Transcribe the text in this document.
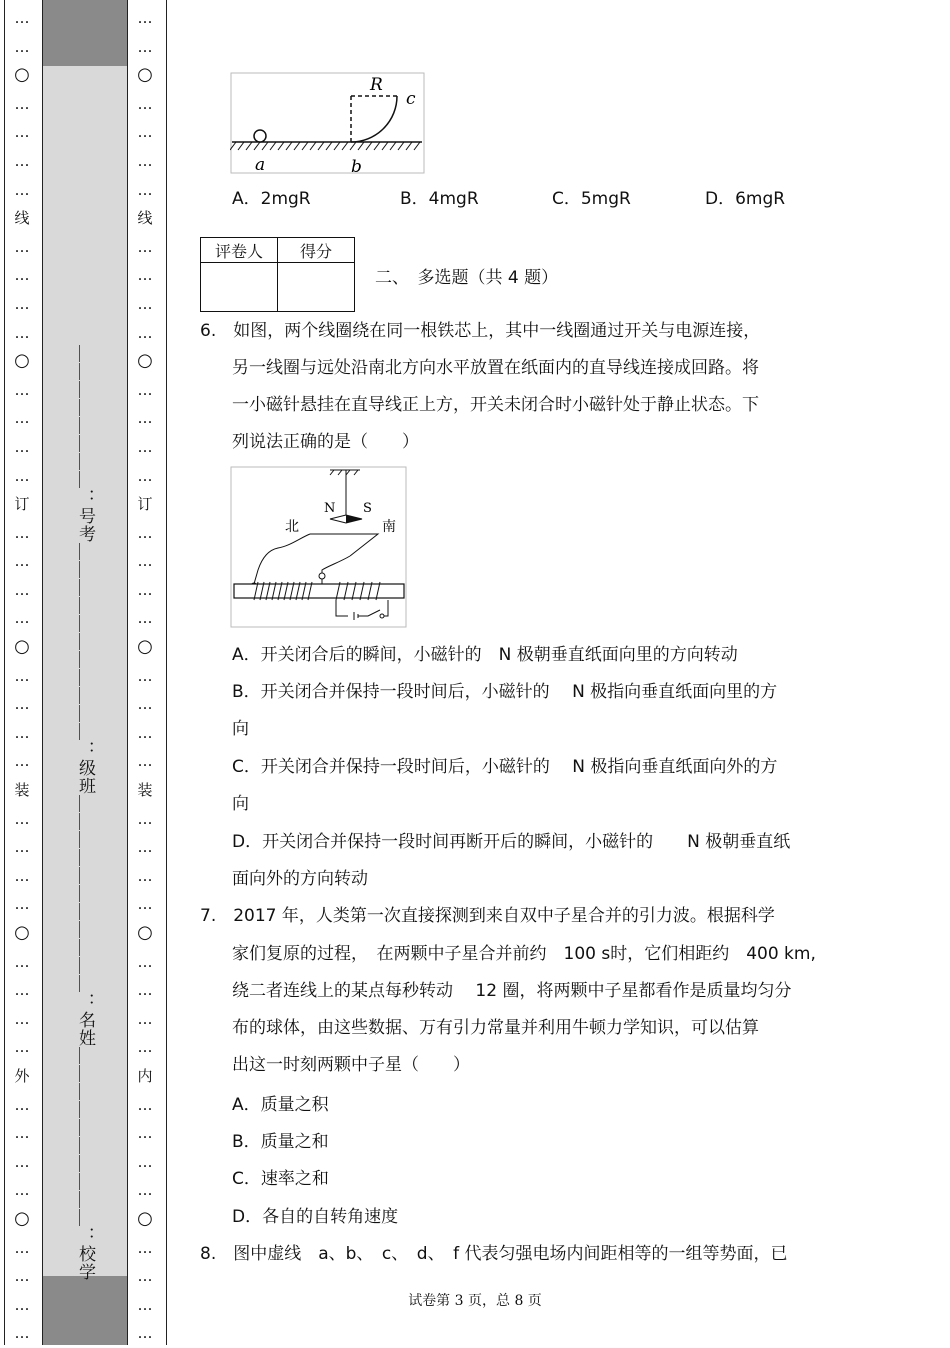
…
…
○
…
…
…
…
线
…
…
…
…
○
…
…
…
…
订
…
…
…
…
○
…
…
…
…
装
…
…
…
…
○
…
…
…
…
外
…
…
…
…
○
…
…
…
…
…
…
○
…
…
…
…
线
…
…
…
…
○
…
…
…
…
订
…
…
…
…
○
…
…
…
…
装
…
…
…
…
○
…
…
…
…
内
…
…
…
…
○
…
…
…
…
＿＿＿＿＿＿＿＿：号考＿＿＿＿＿＿＿＿＿＿＿：级班＿＿＿＿＿＿＿＿＿＿＿：名姓＿＿＿＿＿＿＿＿＿＿：校学
R
c
a	b
A．2mgR	B．4mgR	C．5mgR	D．6mgR
评卷人	得分

二、　多选题（共 4 题）
6.　如图，两个线圈绕在同一根铁芯上，其中一线圈通过开关与电源连接，
另一线圈与远处沿南北方向水平放置在纸面内的直导线连接成回路。将
一小磁针悬挂在直导线正上方，开关未闭合时小磁针处于静止状态。下
列说法正确的是（　　）
N S
北	南
A．开关闭合后的瞬间，小磁针的　N 极朝垂直纸面向里的方向转动
B．开关闭合并保持一段时间后，小磁针的　 N 极指向垂直纸面向里的方
向
C．开关闭合并保持一段时间后，小磁针的　 N 极指向垂直纸面向外的方
向
D．开关闭合并保持一段时间再断开后的瞬间，小磁针的　　N 极朝垂直纸
面向外的方向转动
7.　2017 年，人类第一次直接探测到来自双中子星合并的引力波。根据科学
家们复原的过程，　在两颗中子星合并前约　100 s时，它们相距约　400 km,
绕二者连线上的某点每秒转动　 12 圈，将两颗中子星都看作是质量均匀分
布的球体，由这些数据、万有引力常量并利用牛顿力学知识，可以估算
出这一时刻两颗中子星（　　）
A．质量之积
B．质量之和
C．速率之和
D．各自的自转角速度
8.　图中虚线　a、b、　c、　d、　f 代表匀强电场内间距相等的一组等势面，已
试卷第 3 页，总 8 页
